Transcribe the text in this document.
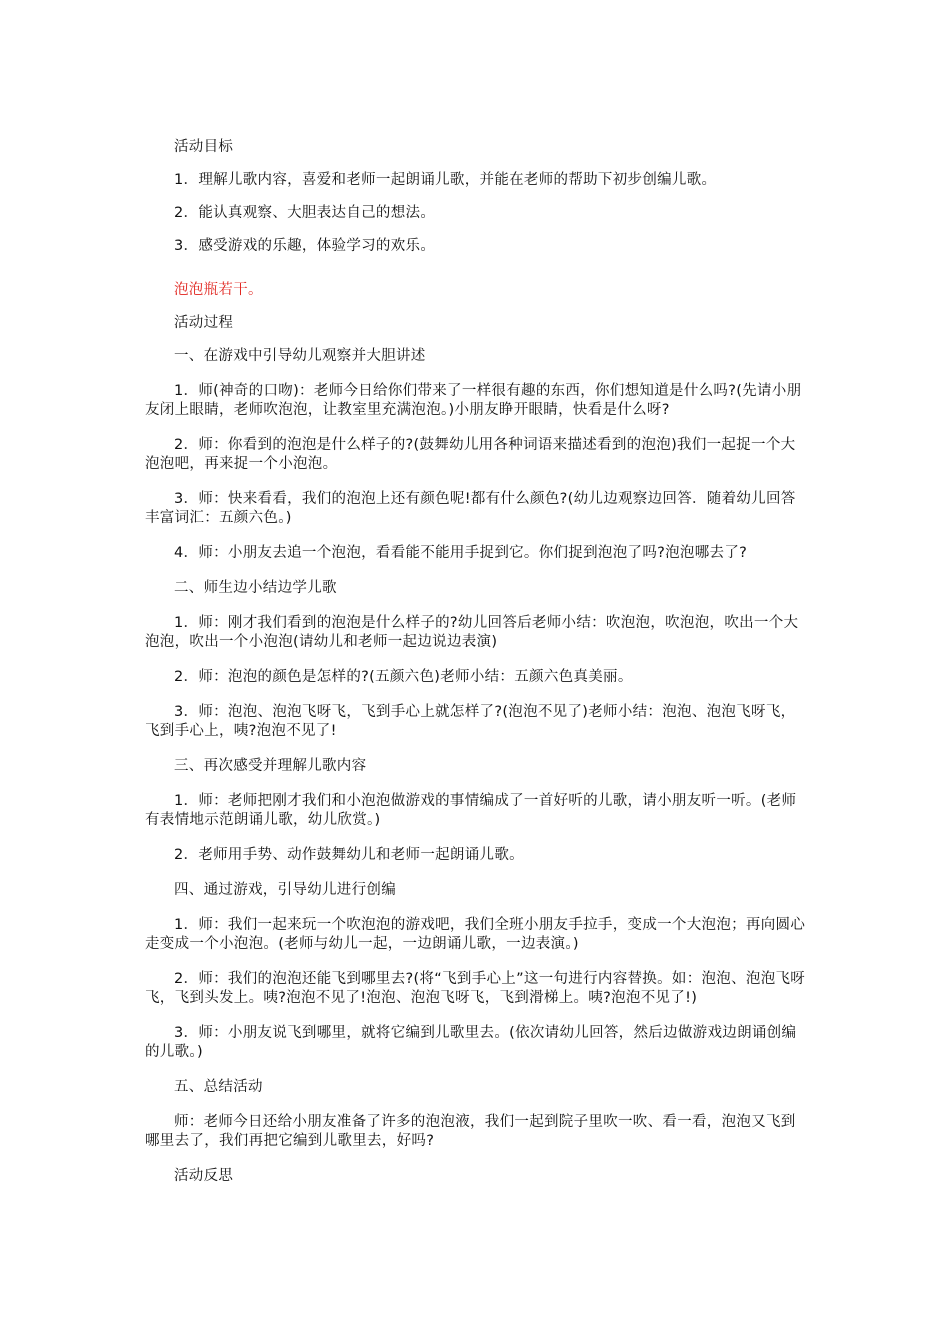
活动目标

1．理解儿歌内容，喜爱和老师一起朗诵儿歌，并能在老师的帮助下初步创编儿歌。

2．能认真观察、大胆表达自己的想法。

3．感受游戏的乐趣，体验学习的欢乐。

泡泡瓶若干。

活动过程

一、在游戏中引导幼儿观察并大胆讲述

1．师(神奇的口吻)：老师今日给你们带来了一样很有趣的东西，你们想知道是什么吗?(先请小朋友闭上眼睛，老师吹泡泡，让教室里充满泡泡。)小朋友睁开眼睛，快看是什么呀?

2．师：你看到的泡泡是什么样子的?(鼓舞幼儿用各种词语来描述看到的泡泡)我们一起捉一个大泡泡吧，再来捉一个小泡泡。

3．师：快来看看，我们的泡泡上还有颜色呢!都有什么颜色?(幼儿边观察边回答．随着幼儿回答丰富词汇：五颜六色。)

4．师：小朋友去追一个泡泡，看看能不能用手捉到它。你们捉到泡泡了吗?泡泡哪去了?

二、师生边小结边学儿歌

1．师：刚才我们看到的泡泡是什么样子的?幼儿回答后老师小结：吹泡泡，吹泡泡，吹出一个大泡泡，吹出一个小泡泡(请幼儿和老师一起边说边表演)

2．师：泡泡的颜色是怎样的?(五颜六色)老师小结：五颜六色真美丽。

3．师：泡泡、泡泡飞呀飞，飞到手心上就怎样了?(泡泡不见了)老师小结：泡泡、泡泡飞呀飞，飞到手心上，咦?泡泡不见了!

三、再次感受并理解儿歌内容

1．师：老师把刚才我们和小泡泡做游戏的事情编成了一首好听的儿歌，请小朋友听一听。(老师有表情地示范朗诵儿歌，幼儿欣赏。)

2．老师用手势、动作鼓舞幼儿和老师一起朗诵儿歌。

四、通过游戏，引导幼儿进行创编

1．师：我们一起来玩一个吹泡泡的游戏吧，我们全班小朋友手拉手，变成一个大泡泡；再向圆心走变成一个小泡泡。(老师与幼儿一起，一边朗诵儿歌，一边表演。)

2．师：我们的泡泡还能飞到哪里去?(将“飞到手心上”这一句进行内容替换。如：泡泡、泡泡飞呀飞，飞到头发上。咦?泡泡不见了!泡泡、泡泡飞呀飞，飞到滑梯上。咦?泡泡不见了!)

3．师：小朋友说飞到哪里，就将它编到儿歌里去。(依次请幼儿回答，然后边做游戏边朗诵创编的儿歌。)

五、总结活动

师：老师今日还给小朋友准备了许多的泡泡液，我们一起到院子里吹一吹、看一看，泡泡又飞到哪里去了，我们再把它编到儿歌里去，好吗?

活动反思
